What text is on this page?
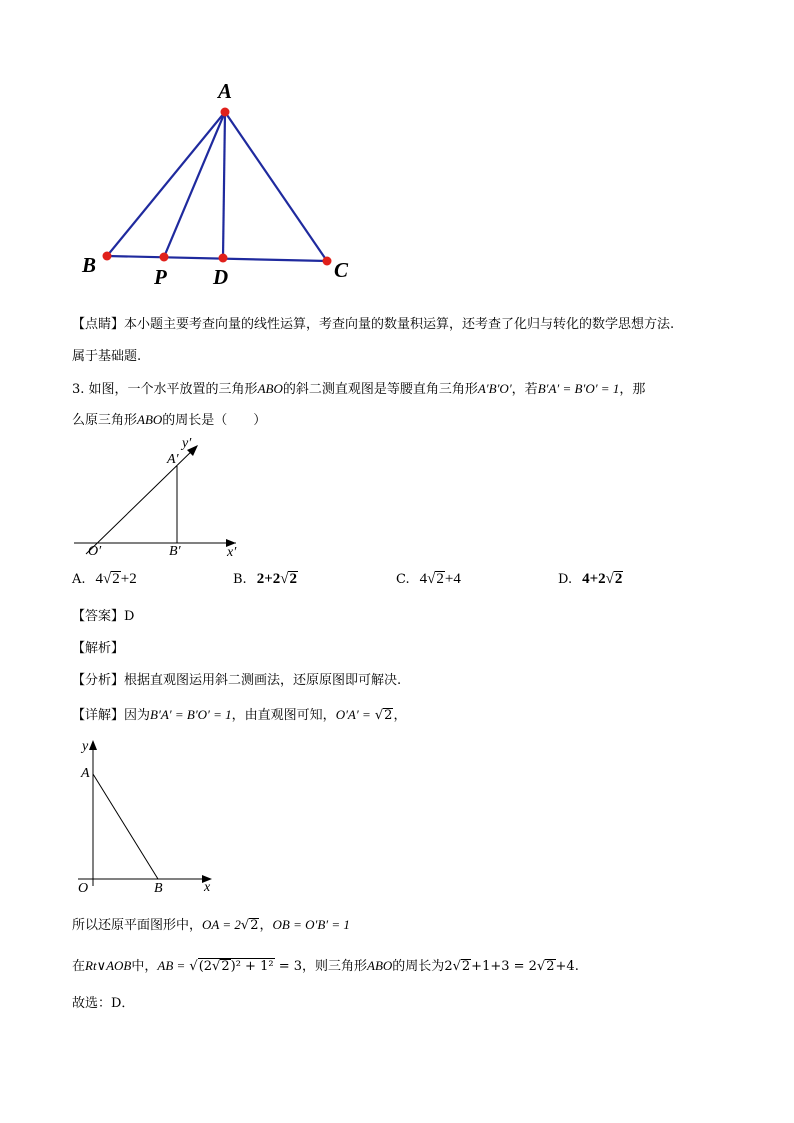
A
B	P D	C
【点睛】本小题主要考查向量的线性运算，考查向量的数量积运算，还考查了化归与转化的数学思想方法.
属于基础题.
3. 如图，一个水平放置的三角形ABO的斜二测直观图是等腰直角三角形A′B′O′，若B′A′ = B′O′ = 1，那
么原三角形ABO的周长是（　　）
y′
A′
O′	B′	x′
A. 4√2+2	B. 2+2√2	C. 4√2+4	D. 4+2√2
【答案】D
【解析】
【分析】根据直观图运用斜二测画法，还原原图即可解决.
【详解】因为B′A′ = B′O′ = 1，由直观图可知，O′A′ = √2，
y
A
O	B	x
所以还原平面图形中，OA = 2√2，OB = O′B′ = 1
在Rt∨AOB中，AB = √(2√2)² + 1² = 3，则三角形ABO的周长为2√2+1+3 = 2√2+4.
故选：D．
